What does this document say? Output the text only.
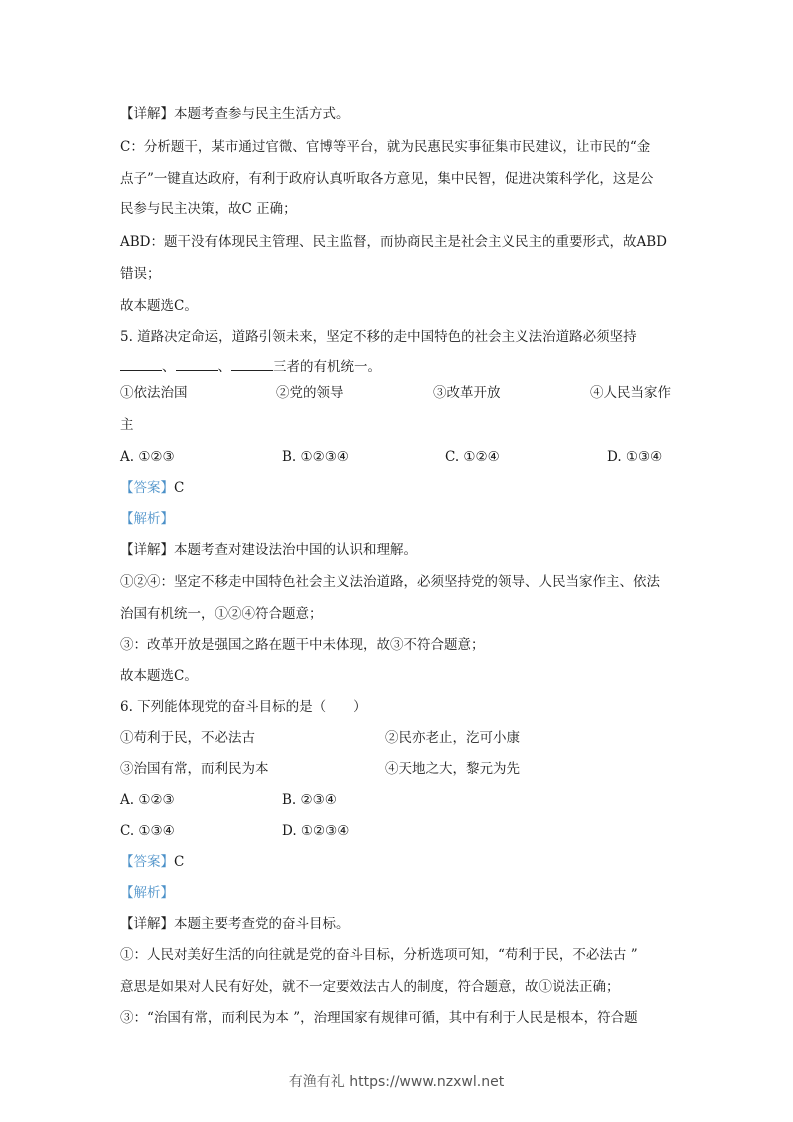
【详解】本题考查参与民主生活方式。
C：分析题干，某市通过官微、官博等平台，就为民惠民实事征集市民建议，让市民的“金
点子”一键直达政府，有利于政府认真听取各方意见，集中民智，促进决策科学化，这是公
民参与民主决策，故C 正确；
ABD：题干没有体现民主管理、民主监督，而协商民主是社会主义民主的重要形式，故ABD
错误；
故本题选C。
5. 道路决定命运，道路引领未来，坚定不移的走中国特色的社会主义法治道路必须坚持
、	、	三者的有机统一。
①依法治国	②党的领导	③改革开放	④人民当家作
主
A. ①②③	B. ①②③④	C. ①②④	D. ①③④
【答案】C
【解析】
【详解】本题考查对建设法治中国的认识和理解。
①②④：坚定不移走中国特色社会主义法治道路，必须坚持党的领导、人民当家作主、依法
治国有机统一，①②④符合题意；
③：改革开放是强国之路在题干中未体现，故③不符合题意；
故本题选C。
6. 下列能体现党的奋斗目标的是（　　）
①苟利于民，不必法古	②民亦老止，汔可小康
③治国有常，而利民为本	④天地之大，黎元为先
A. ①②③	B. ②③④
C. ①③④	D. ①②③④
【答案】C
【解析】
【详解】本题主要考查党的奋斗目标。
①：人民对美好生活的向往就是党的奋斗目标，分析选项可知，“苟利于民，不必法古 ”
意思是如果对人民有好处，就不一定要效法古人的制度，符合题意，故①说法正确；
③：“治国有常，而利民为本 ”，治理国家有规律可循，其中有利于人民是根本，符合题
有渔有礼 https://www.nzxwl.net
